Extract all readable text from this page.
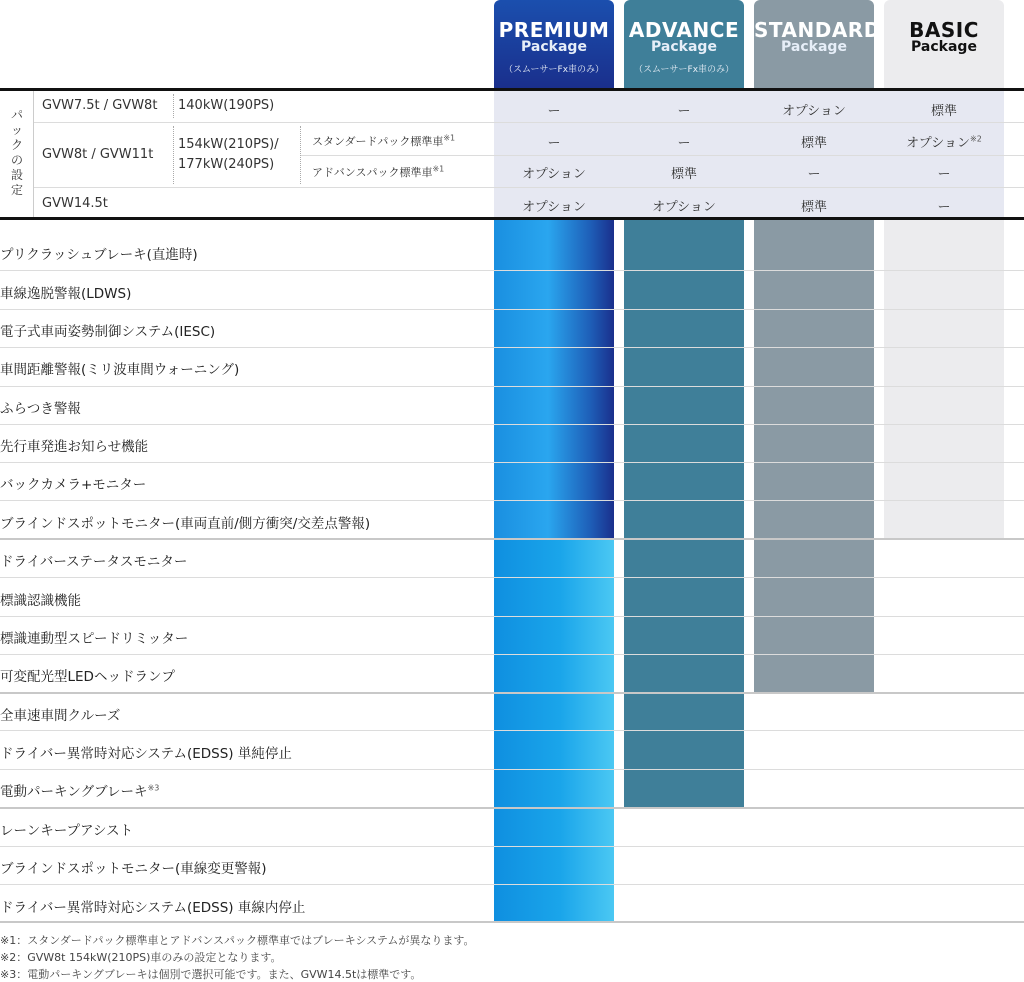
PREMIUM
Package
（スムーサーFx車のみ）
ADVANCE
Package
（スムーサーFx車のみ）
STANDARD
Package
BASIC
Package
パックの設定
GVW7.5t / GVW8t 140kW(190PS)	ー	ー	オプション	標準
GVW8t / GVW11t
154kW(210PS)/
177kW(240PS)
スタンダードパック標準車$^{※1}$	ー	ー	標準	オプション$^{※2}$
アドバンスパック標準車$^{※1}$	オプション	標準	ー	ー
GVW14.5t	オプション	オプション	標準	ー
プリクラッシュブレーキ(直進時)
車線逸脱警報(LDWS)
電子式車両姿勢制御システム(IESC)
車間距離警報(ミリ波車間ウォーニング)
ふらつき警報
先行車発進お知らせ機能
バックカメラ+モニター
ブラインドスポットモニター(車両直前/側方衝突/交差点警報)
ドライバーステータスモニター
標識認識機能
標識連動型スピードリミッター
可変配光型LEDヘッドランプ
全車速車間クルーズ
ドライバー異常時対応システム(EDSS) 単純停止
電動パーキングブレーキ$^{※3}$
レーンキープアシスト
ブラインドスポットモニター(車線変更警報)
ドライバー異常時対応システム(EDSS) 車線内停止
※1：スタンダードパック標準車とアドバンスパック標準車ではブレーキシステムが異なります。
※2：GVW8t 154kW(210PS)車のみの設定となります。
※3：電動パーキングブレーキは個別で選択可能です。また、GVW14.5tは標準です。
